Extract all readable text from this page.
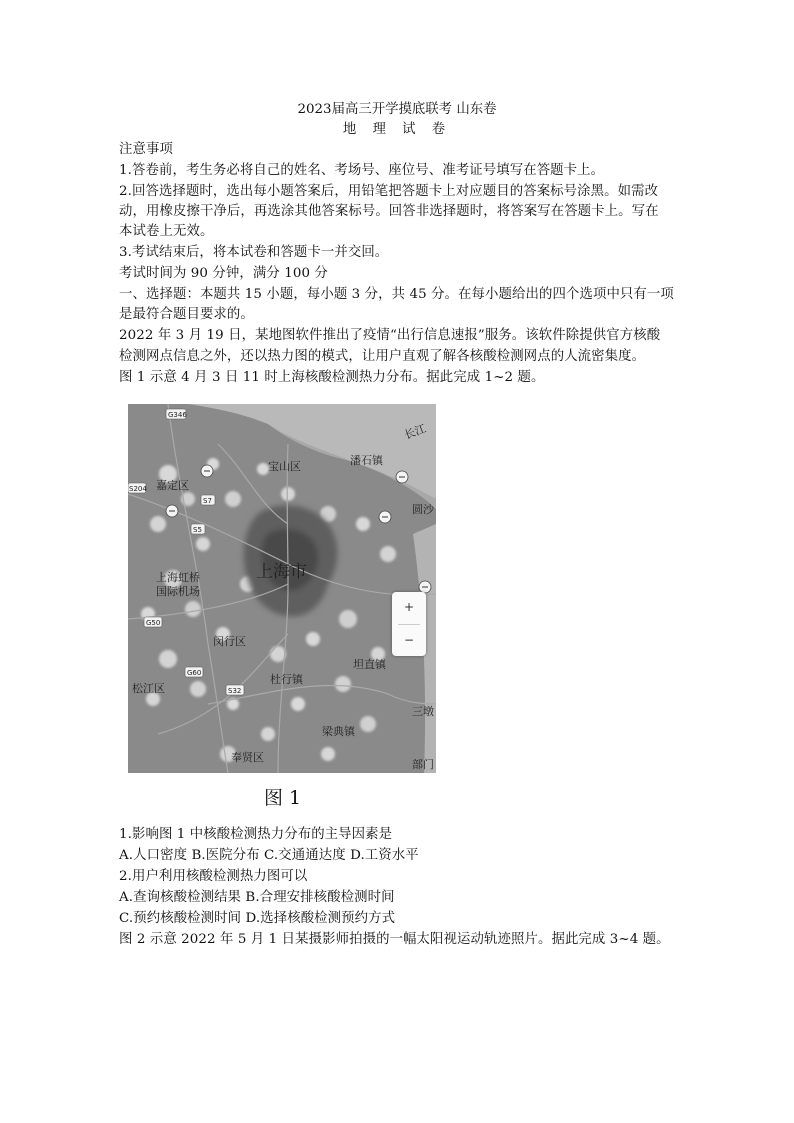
2023届高三开学摸底联考 山东卷
地 理 试 卷
注意事项
1.答卷前，考生务必将自己的姓名、考场号、座位号、准考证号填写在答题卡上。
2.回答选择题时，选出每小题答案后，用铅笔把答题卡上对应题目的答案标号涂黑。如需改
动，用橡皮擦干净后，再选涂其他答案标号。回答非选择题时，将答案写在答题卡上。写在
本试卷上无效。
3.考试结束后，将本试卷和答题卡一并交回。
考试时间为 90 分钟，满分 100 分
一、选择题：本题共 15 小题，每小题 3 分，共 45 分。在每小题给出的四个选项中只有一项
是最符合题目要求的。
2022 年 3 月 19 日，某地图软件推出了疫情“出行信息速报”服务。该软件除提供官方核酸
检测网点信息之外，还以热力图的模式，让用户直观了解各核酸检测网点的人流密集度。
图 1 示意 4 月 3 日 11 时上海核酸检测热力分布。据此完成 1~2 题。
G346
S204
S7
S5
G50
G60
S32
长江
宝山区	潘石镇
嘉定区
圆沙
上海市
上海虹桥
国际机场
闵行区
坦直镇
松江区
杜行镇
三墩
梁典镇
奉贤区
部门
+
−
图 1
1.影响图 1 中核酸检测热力分布的主导因素是
A.人口密度 B.医院分布 C.交通通达度 D.工资水平
2.用户利用核酸检测热力图可以
A.查询核酸检测结果 B.合理安排核酸检测时间
C.预约核酸检测时间 D.选择核酸检测预约方式
图 2 示意 2022 年 5 月 1 日某摄影师拍摄的一幅太阳视运动轨迹照片。据此完成 3~4 题。
